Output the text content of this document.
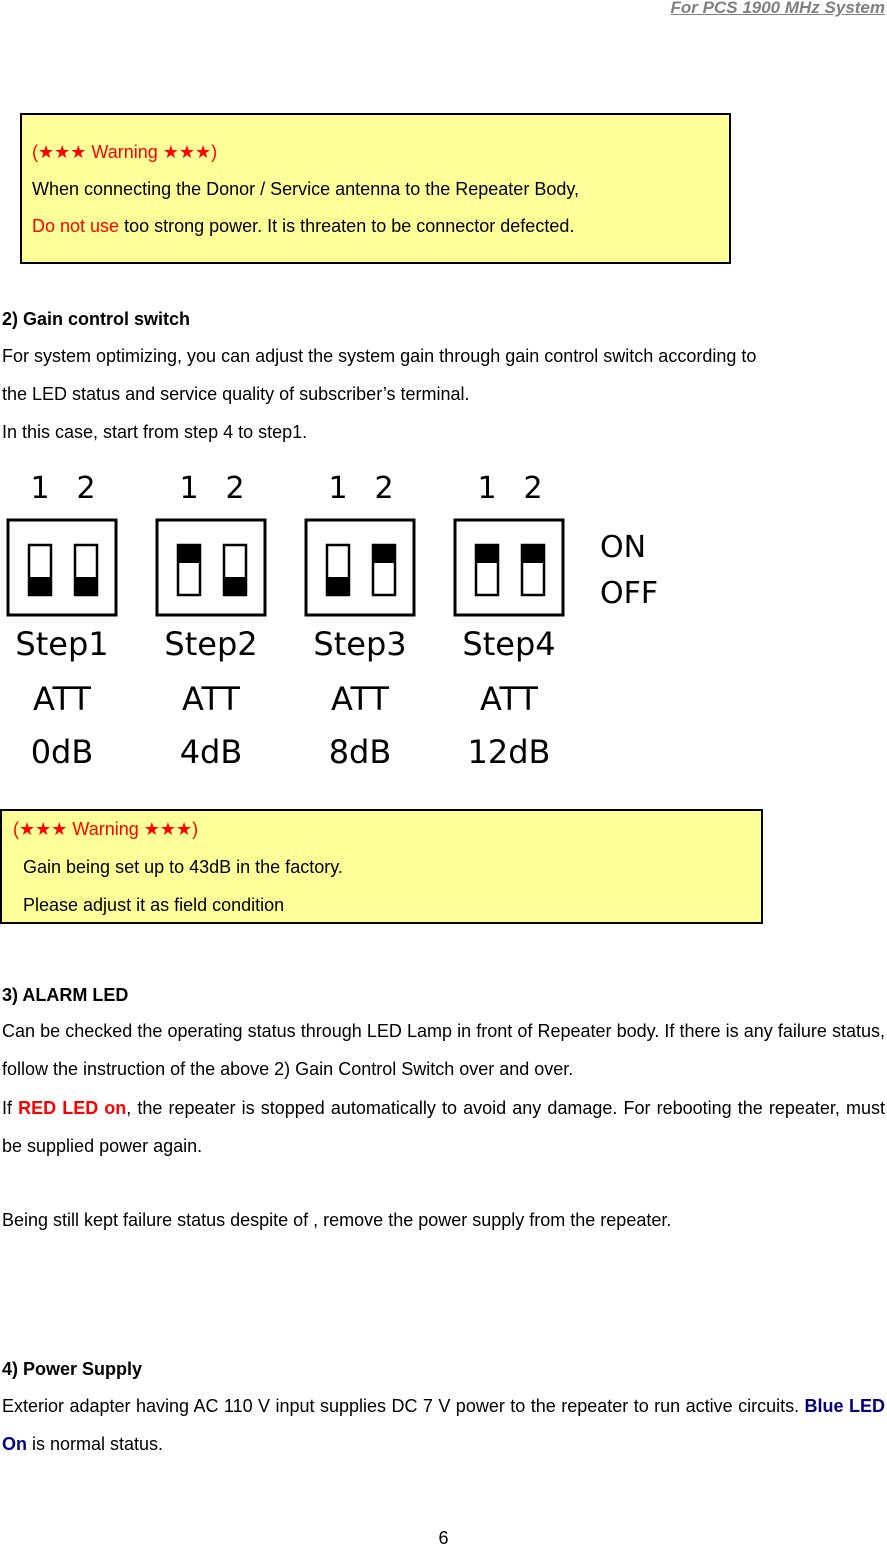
For PCS 1900 MHz System
(★★★ Warning ★★★)
When connecting the Donor / Service antenna to the Repeater Body,
Do not use too strong power. It is threaten to be connector defected.
2) Gain control switch
For system optimizing, you can adjust the system gain through gain control switch according to
the LED status and service quality of subscriber’s terminal.
In this case, start from step 4 to step1.
1 2
Step1
ATT
0dB
1 2
Step2
ATT
4dB
1 2
Step3
ATT
8dB
1 2
Step4
ATT
12dB
ON
OFF
(★★★ Warning ★★★)
Gain being set up to 43dB in the factory.
Please adjust it as field condition
3) ALARM LED
Can be checked the operating status through LED Lamp in front of Repeater body. If there is any failure status, follow the instruction of the above 2) Gain Control Switch over and over.
If RED LED on, the repeater is stopped automatically to avoid any damage. For rebooting the repeater, must be supplied power again.
Being still kept failure status despite of , remove the power supply from the repeater.
4) Power Supply
Exterior adapter having AC 110 V input supplies DC 7 V power to the repeater to run active circuits. Blue LED On is normal status.
6
